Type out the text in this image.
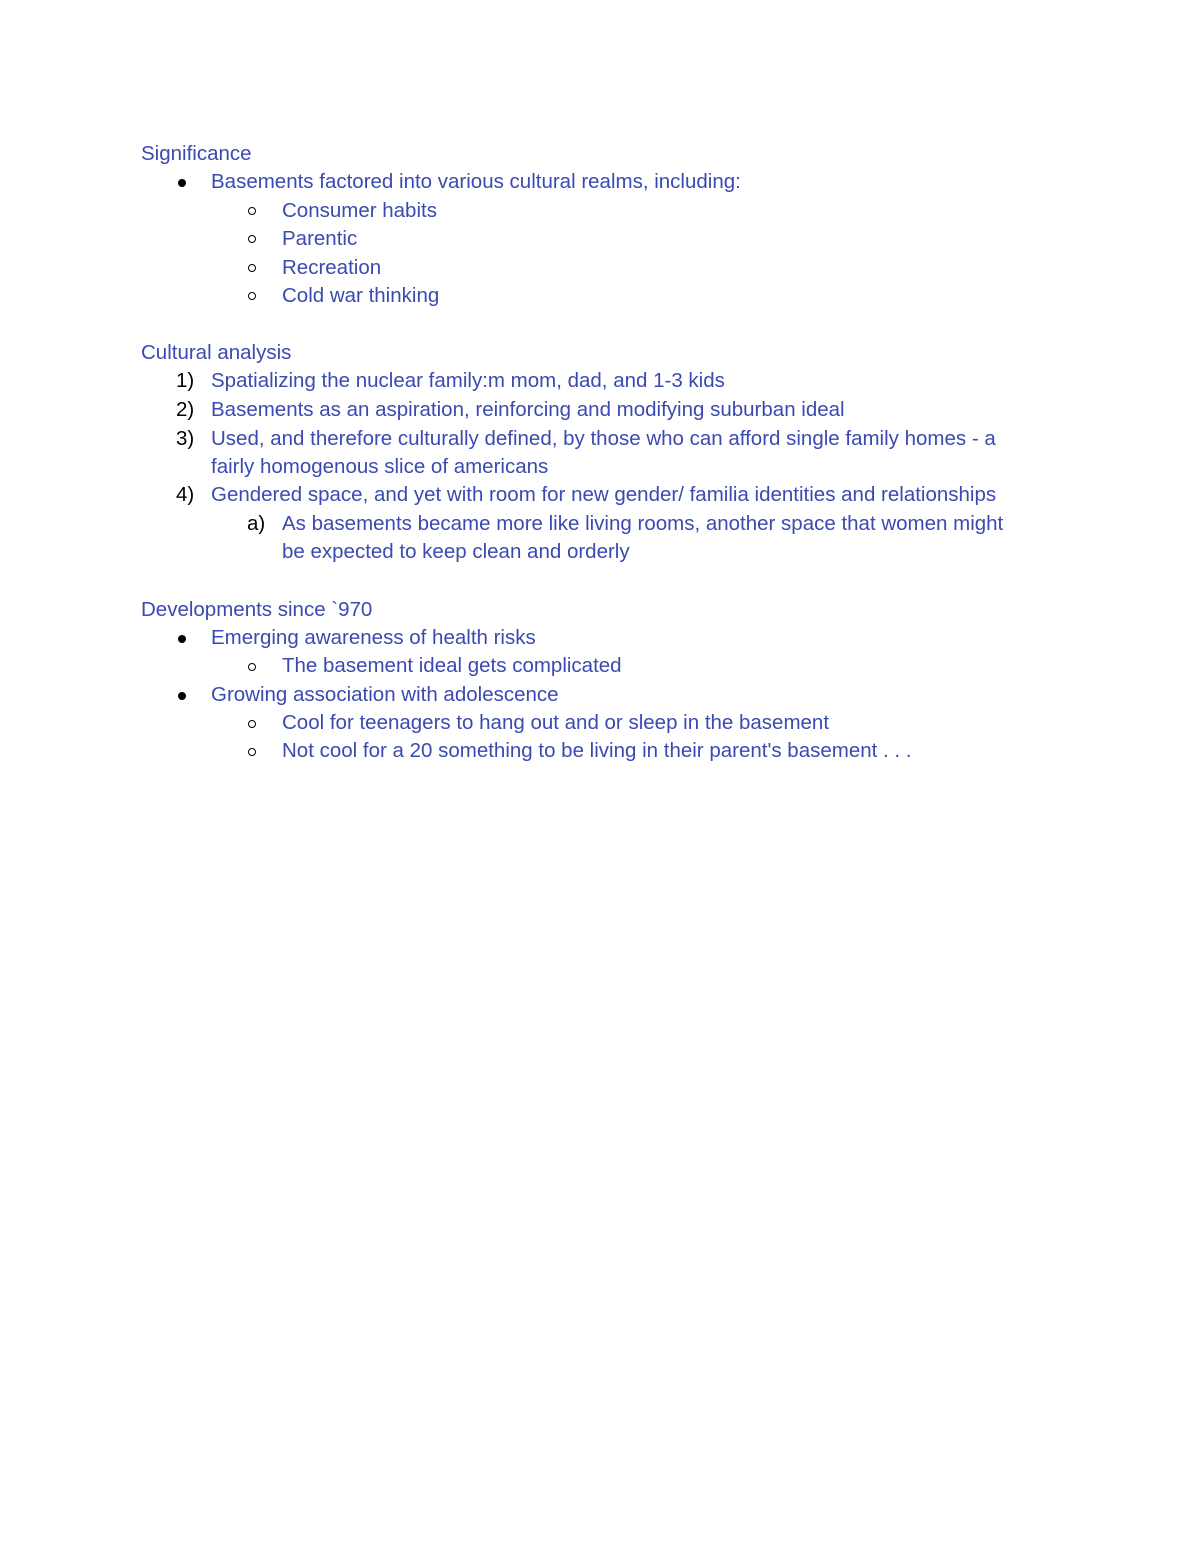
Significance
Basements factored into various cultural realms, including:
Consumer habits
Parentic
Recreation
Cold war thinking
Cultural analysis
1) Spatializing the nuclear family:m mom, dad, and 1-3 kids
2) Basements as an aspiration, reinforcing and modifying suburban ideal
3) Used, and therefore culturally defined, by those who can afford single family homes - a
fairly homogenous slice of americans
4) Gendered space, and yet with room for new gender/ familia identities and relationships
a) As basements became more like living rooms, another space that women might
be expected to keep clean and orderly
Developments since `970
Emerging awareness of health risks
The basement ideal gets complicated
Growing association with adolescence
Cool for teenagers to hang out and or sleep in the basement
Not cool for a 20 something to be living in their parent's basement . . .
